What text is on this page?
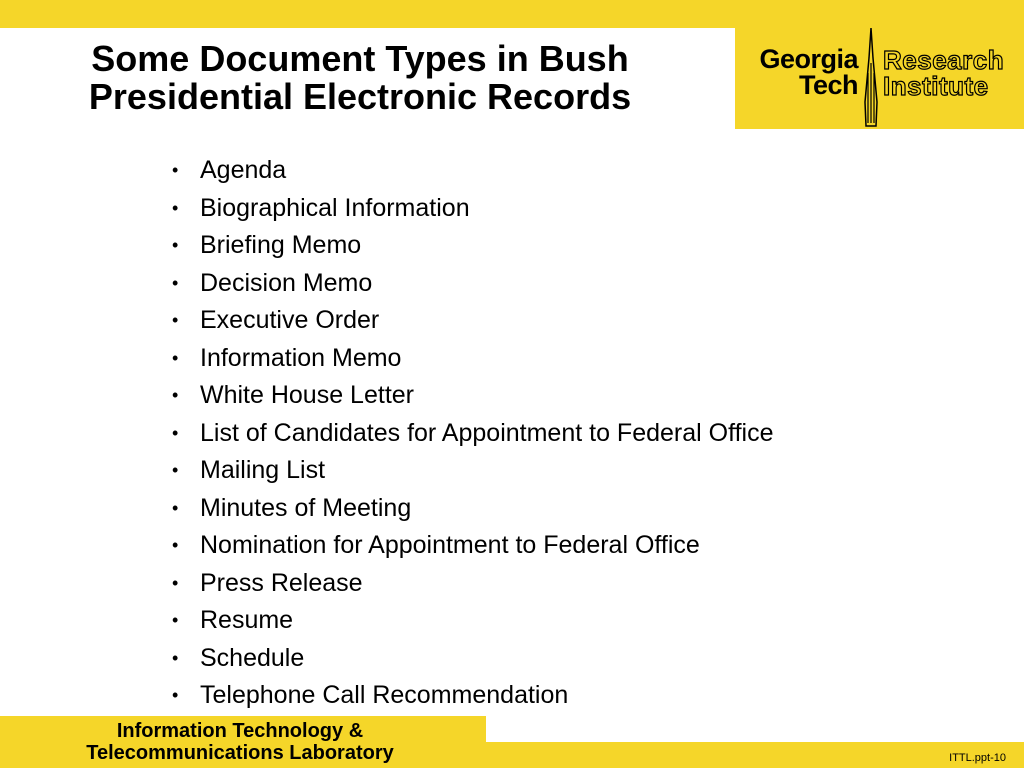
Some Document Types in Bush
Presidential Electronic Records
Georgia
Tech
Research
Institute
• Agenda
• Biographical Information
• Briefing Memo
• Decision Memo
• Executive Order
• Information Memo
• White House Letter
• List of Candidates for Appointment to Federal Office
• Mailing List
• Minutes of Meeting
• Nomination for Appointment to Federal Office
• Press Release
• Resume
• Schedule
• Telephone Call Recommendation
Information Technology &
Telecommunications Laboratory	ITTL.ppt-10
